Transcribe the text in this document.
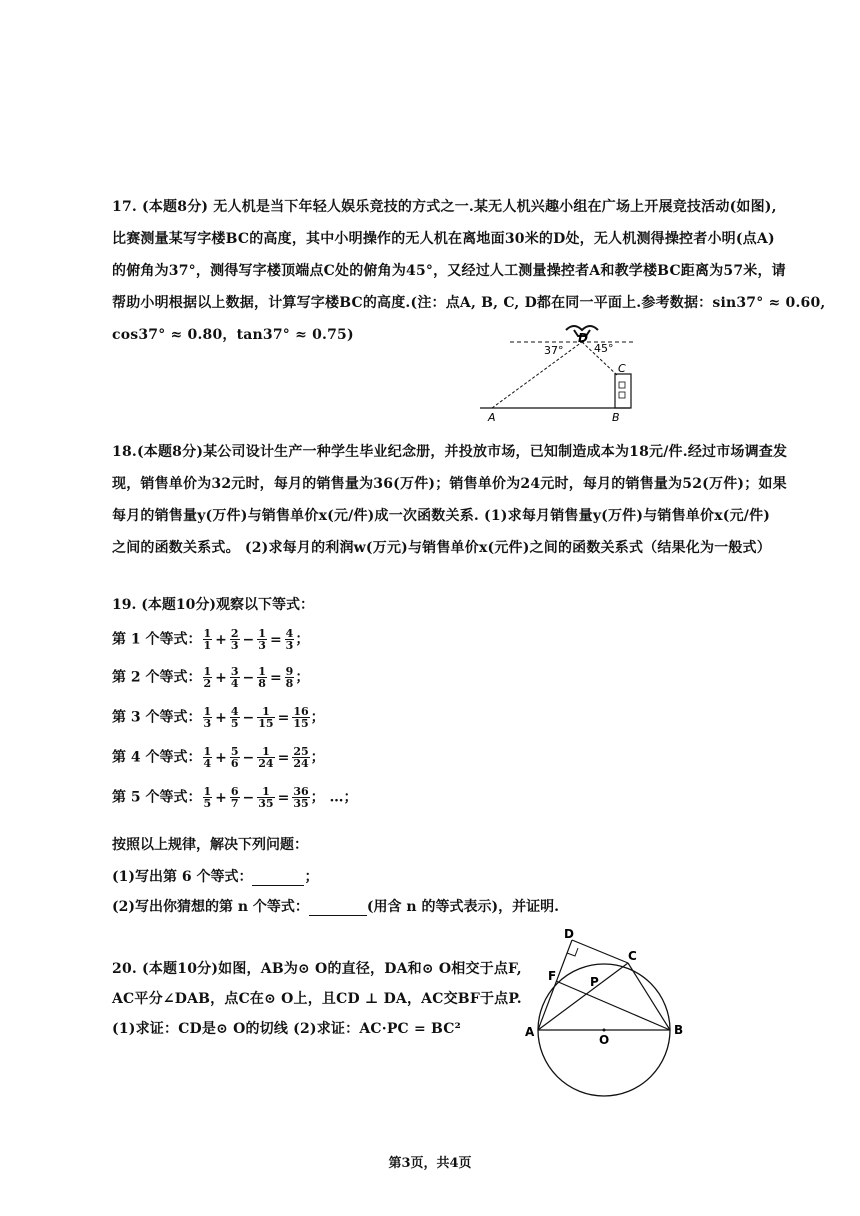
17. (本题8分) 无人机是当下年轻人娱乐竞技的方式之一.某无人机兴趣小组在广场上开展竞技活动(如图),
比赛测量某写字楼BC的高度，其中小明操作的无人机在离地面30米的D处，无人机测得操控者小明(点A)
的俯角为37°，测得写字楼顶端点C处的俯角为45°，又经过人工测量操控者A和教学楼BC距离为57米，请
帮助小明根据以上数据，计算写字楼BC的高度.(注：点A, B, C, D都在同一平面上.参考数据：sin37° ≈ 0.60,
cos37° ≈ 0.80，tan37° ≈ 0.75)	D
37°	45°
C
A	B
18.(本题8分)某公司设计生产一种学生毕业纪念册，并投放市场，已知制造成本为18元/件.经过市场调查发
现，销售单价为32元时，每月的销售量为36(万件)；销售单价为24元时，每月的销售量为52(万件)；如果
每月的销售量y(万件)与销售单价x(元/件)成一次函数关系. (1)求每月销售量y(万件)与销售单价x(元/件)
之间的函数关系式。 (2)求每月的利润w(万元)与销售单价x(元件)之间的函数关系式（结果化为一般式）
19. (本题10分)观察以下等式：
第 1 个等式： $\frac{1}{1} + \frac{2}{3} - \frac{1}{3} = \frac{4}{3}$ ；
第 2 个等式： $\frac{1}{2} + \frac{3}{4} - \frac{1}{8} = \frac{9}{8}$ ；
第 3 个等式： $\frac{1}{3} + \frac{4}{5} - \frac{1}{15} = \frac{16}{15}$ ；
第 4 个等式： $\frac{1}{4} + \frac{5}{6} - \frac{1}{24} = \frac{25}{24}$ ；
第 5 个等式： $\frac{1}{5} + \frac{6}{7} - \frac{1}{35} = \frac{36}{35}$ ； …；
按照以上规律，解决下列问题：
(1)写出第 6 个等式：	；
(2)写出你猜想的第 n 个等式：	(用含 n 的等式表示)，并证明.
20. (本题10分)如图，AB为⊙ O的直径，DA和⊙ O相交于点F,
AC平分∠DAB，点C在⊙ O上，且CD ⊥ DA，AC交BF于点P.
(1)求证：CD是⊙ O的切线 (2)求证：AC·PC = BC²
D
C
F	P
A
O
B
第3页，共4页
